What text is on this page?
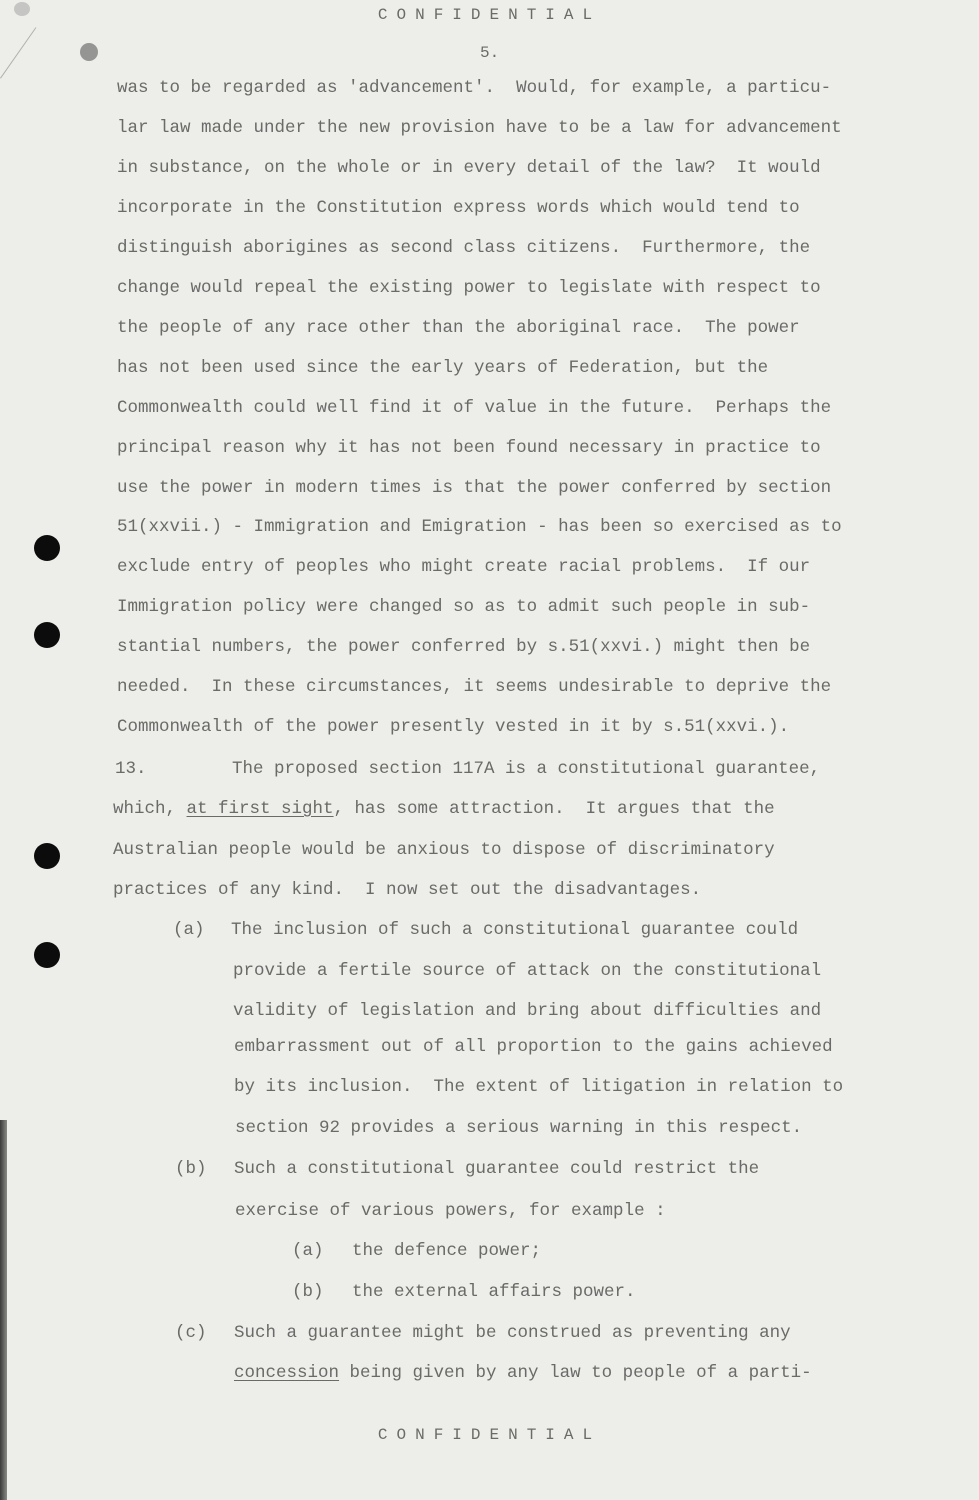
CONFIDENTIAL
5.
was to be regarded as 'advancement'.  Would, for example, a particu-
lar law made under the new provision have to be a law for advancement
in substance, on the whole or in every detail of the law?  It would
incorporate in the Constitution express words which would tend to
distinguish aborigines as second class citizens.  Furthermore, the
change would repeal the existing power to legislate with respect to
the people of any race other than the aboriginal race.  The power
has not been used since the early years of Federation, but the
Commonwealth could well find it of value in the future.  Perhaps the
principal reason why it has not been found necessary in practice to
use the power in modern times is that the power conferred by section
51(xxvii.) - Immigration and Emigration - has been so exercised as to
exclude entry of peoples who might create racial problems.  If our
Immigration policy were changed so as to admit such people in sub-
stantial numbers, the power conferred by s.51(xxvi.) might then be
needed.  In these circumstances, it seems undesirable to deprive the
Commonwealth of the power presently vested in it by s.51(xxvi.).
13.	The proposed section 117A is a constitutional guarantee,
which, at first sight, has some attraction.  It argues that the
Australian people would be anxious to dispose of discriminatory
practices of any kind.  I now set out the disadvantages.
(a) The inclusion of such a constitutional guarantee could
provide a fertile source of attack on the constitutional
validity of legislation and bring about difficulties and
embarrassment out of all proportion to the gains achieved
by its inclusion.  The extent of litigation in relation to
section 92 provides a serious warning in this respect.
(b) Such a constitutional guarantee could restrict the
exercise of various powers, for example :
(a) the defence power;
(b) the external affairs power.
(c) Such a guarantee might be construed as preventing any
concession being given by any law to people of a parti-
CONFIDENTIAL
